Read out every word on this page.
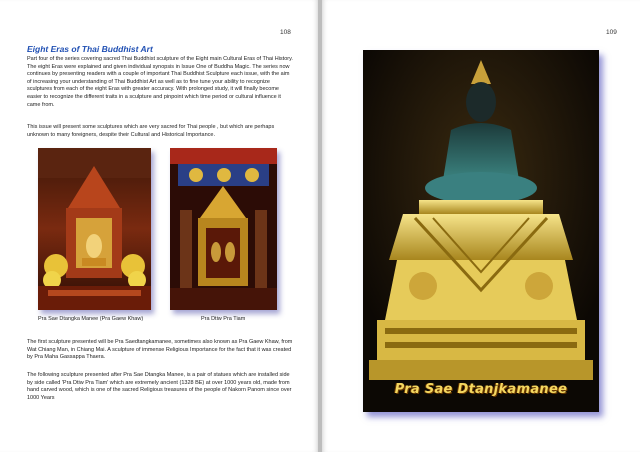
108
Eight Eras of Thai Buddhist Art

Part four of the series covering sacred Thai Buddhist sculpture of the Eight main Cultural Eras of Thai History. The eight Eras were explained and given individual synopsis in Issue One of Buddha Magic. The series now continues by presenting readers with a couple of important Thai Buddhist Sculpture each issue, with the aim of increasing your understanding of Thai Buddhist Art as well as to fine tune your ability to recognize sculptures from each of the eight Eras with greater accuracy. With prolonged study, it will finally become easier to recognize the different traits in a sculpture and pinpoint which time period or cultural influence it came from.

This issue will present some sculptures which are very sacred for Thai people , but which are perhaps unknown to many foreigners, despite their Cultural and Historical Importance.

Pra Sae Dtangka Manee (Pra Gaew Khaw)	Pra Dtiw Pra Tiam

The first sculpture presented will be Pra Saedtangkamanee, sometimes also known as Pra Gaew Khaw, from Wat Chiang Man, in Chiang Mai. A sculpture of immense Religious Importance for the fact that it was created by Pra Maha Gassappa Thaera.

The following sculpture presented after Pra Sae Dtangka Manee, is a pair of statues which are installed side by side called 'Pra Dtiw Pra Tiam' which are extremely ancient (1328 BE) at over 1000 years old, made from hand carved wood, which is one of the sacred Religious treasures of the people of Nakorn Panom since over 1000 Years

109
Pra Sae Dtanjkamanee
